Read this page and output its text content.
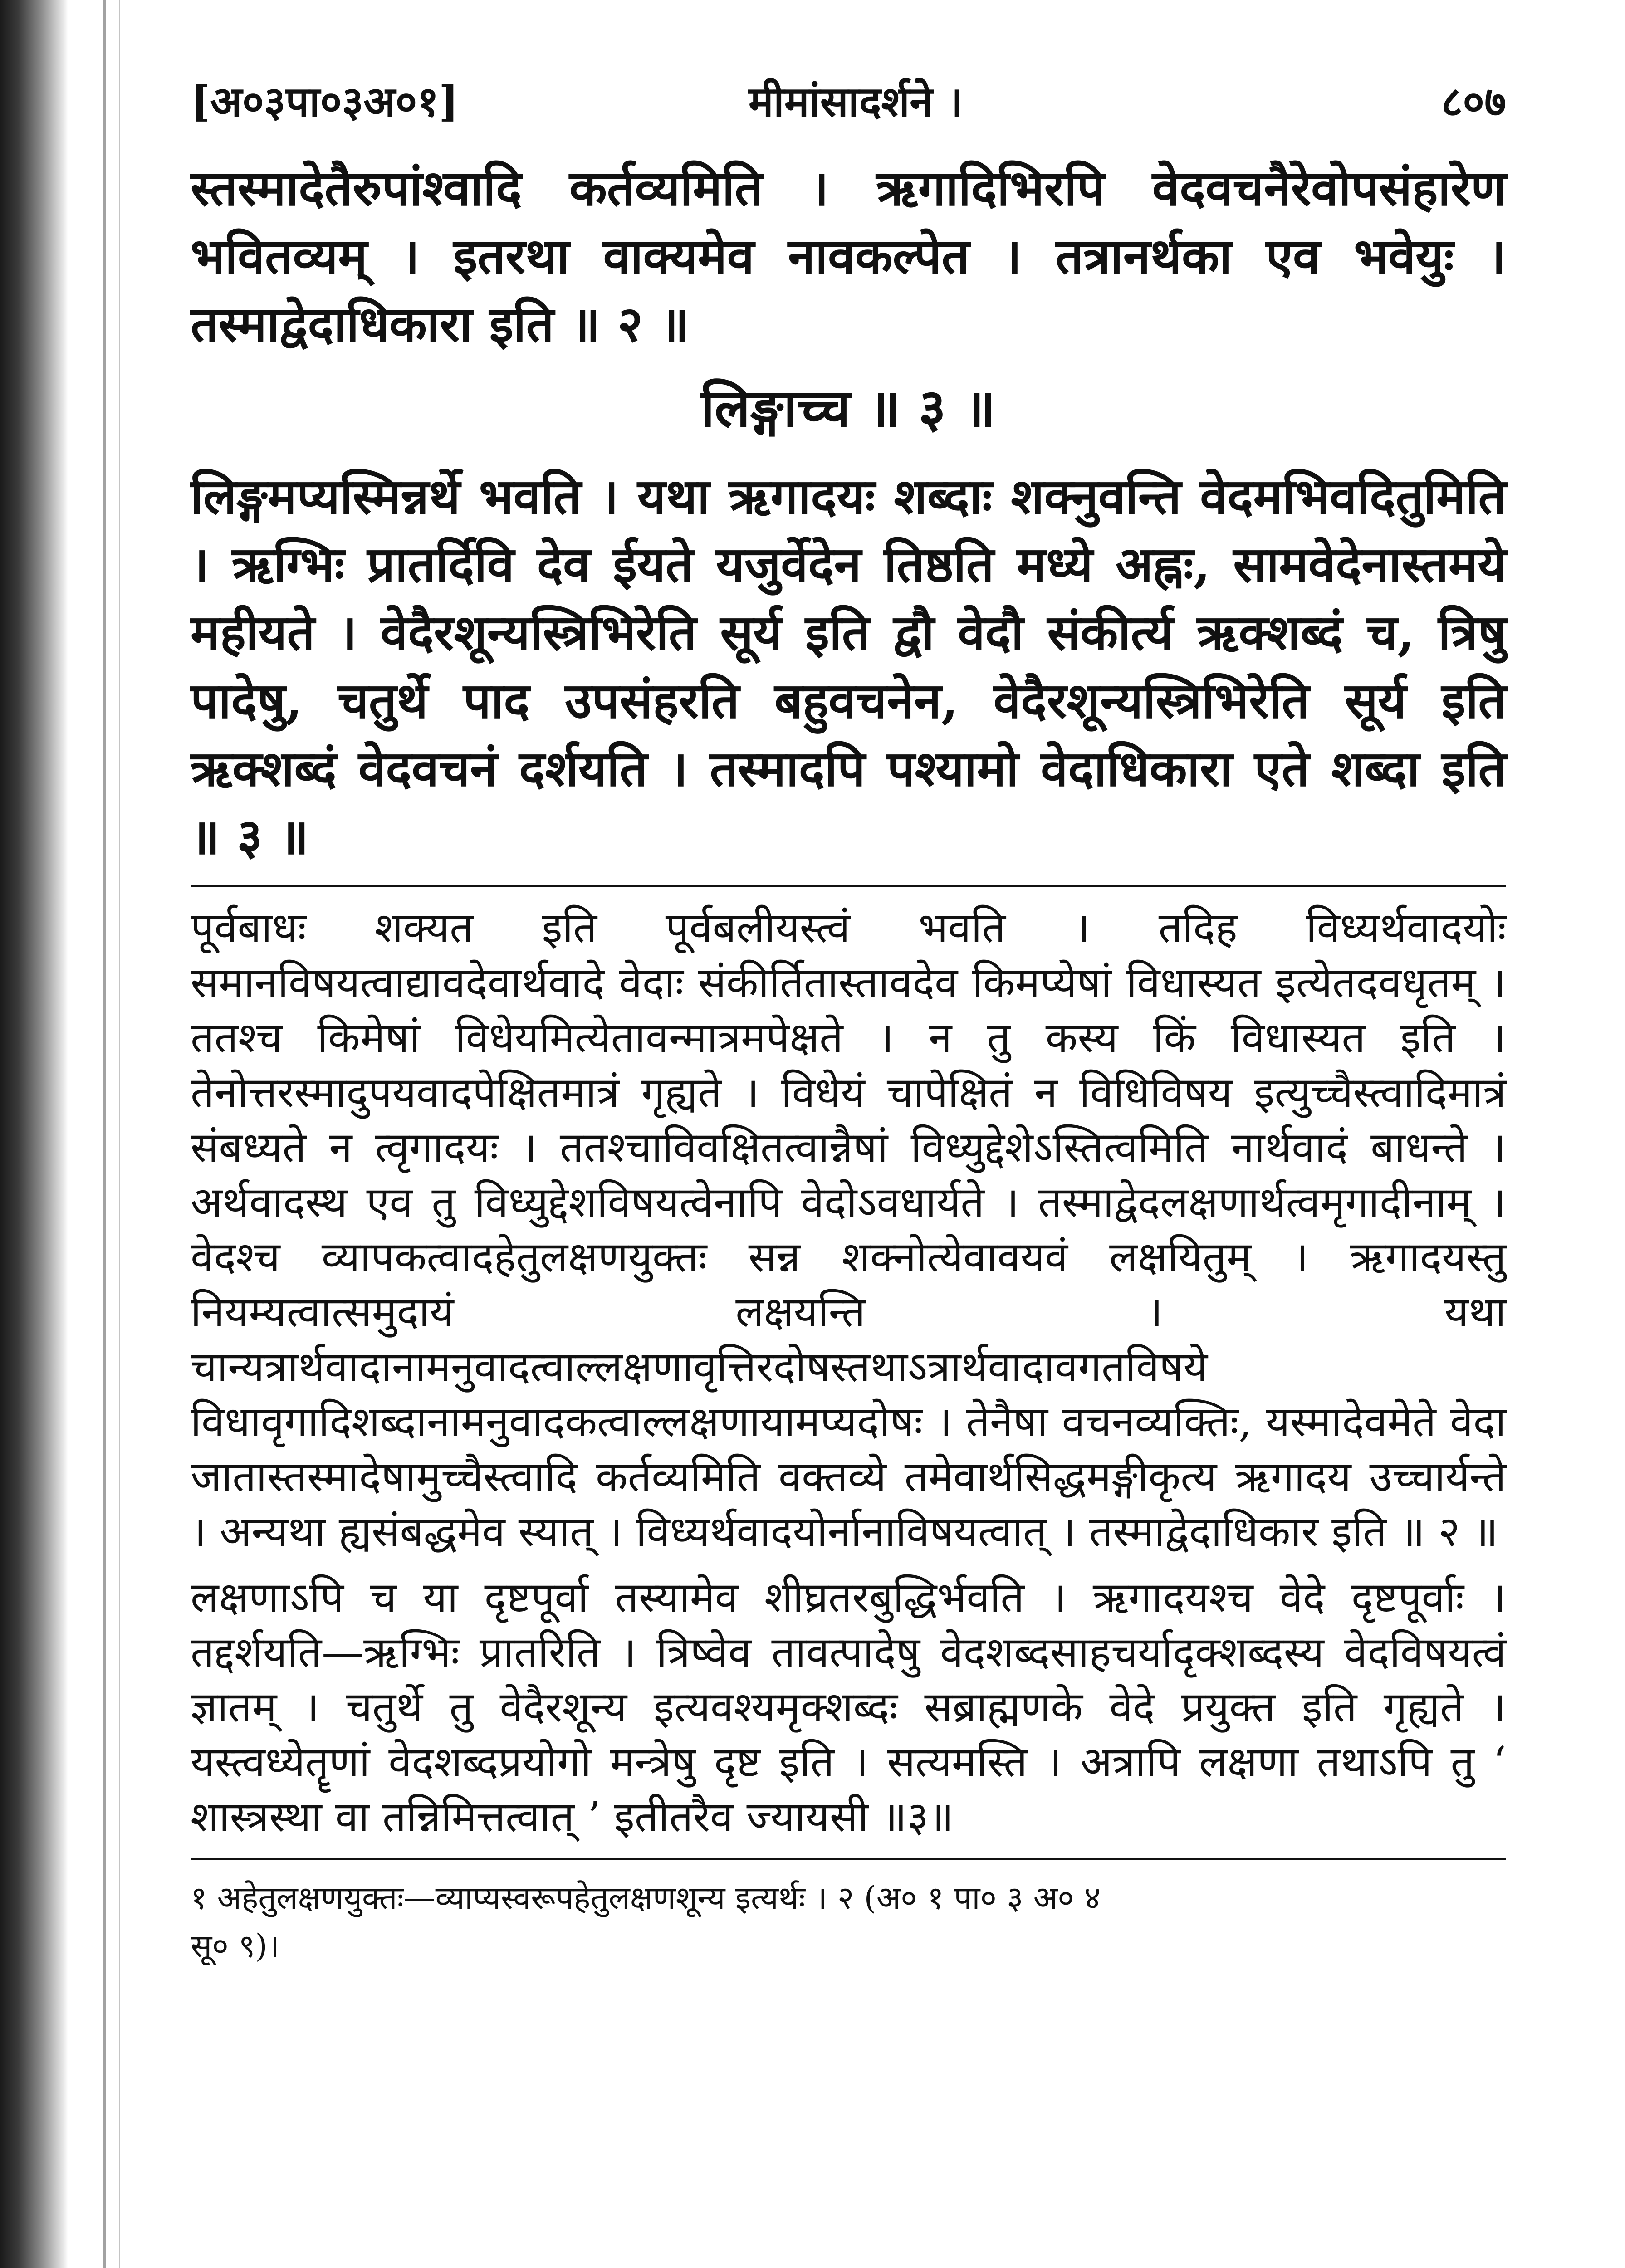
[अ०३पा०३अ०१]	मीमांसादर्शने ।	८०७
स्तस्मादेतैरुपांश्वादि कर्तव्यमिति । ऋगादिभिरपि वेदवचनैरेवोपसंहारेण भवितव्यम् । इतरथा वाक्यमेव नावकल्पेत । तत्रानर्थका एव भवेयुः । तस्माद्वेदाधिकारा इति ॥ २ ॥
लिङ्गाच्च ॥ ३ ॥
लिङ्गमप्यस्मिन्नर्थे भवति । यथा ऋगादयः शब्दाः शक्नुवन्ति वेदमभिवदितुमिति । ऋग्भिः प्रातर्दिवि देव ईयते यजुर्वेदेन तिष्ठति मध्ये अह्नः, सामवेदेनास्तमये महीयते । वेदैरशून्यस्त्रिभिरेति सूर्य इति द्वौ वेदौ संकीर्त्य ऋक्शब्दं च, त्रिषु पादेषु, चतुर्थे पाद उपसंहरति बहुवचनेन, वेदैरशून्यस्त्रिभिरेति सूर्य इति ऋक्शब्दं वेदवचनं दर्शयति । तस्मादपि पश्यामो वेदाधिकारा एते शब्दा इति ॥ ३ ॥

पूर्वबाधः शक्यत इति पूर्वबलीयस्त्वं भवति । तदिह विध्यर्थवादयोः समानविषयत्वाद्यावदेवार्थवादे वेदाः संकीर्तितास्तावदेव किमप्येषां विधास्यत इत्येतदवधृतम् । ततश्च किमेषां विधेयमित्येतावन्मात्रमपेक्षते । न तु कस्य किं विधास्यत इति । तेनोत्तरस्मादुपयवादपेक्षितमात्रं गृह्यते । विधेयं चापेक्षितं न विधिविषय इत्युच्चैस्त्वादिमात्रं संबध्यते न त्वृगादयः । ततश्चाविवक्षितत्वान्नैषां विध्युद्देशेऽस्तित्वमिति नार्थवादं बाधन्ते । अर्थवादस्थ एव तु विध्युद्देशविषयत्वेनापि वेदोऽवधार्यते । तस्माद्वेदलक्षणार्थत्वमृगादीनाम् । वेदश्च व्यापकत्वादहेतुलक्षणयुक्तः सन्न शक्नोत्येवावयवं लक्षयितुम् । ऋगादयस्तु नियम्यत्वात्समुदायं लक्षयन्ति । यथा चान्यत्रार्थवादानामनुवादत्वाल्लक्षणावृत्तिरदोषस्तथाऽत्रार्थवादावगतविषये विधावृगादिशब्दानामनुवादकत्वाल्लक्षणायामप्यदोषः । तेनैषा वचनव्यक्तिः, यस्मादेवमेते वेदा जातास्तस्मादेषामुच्चैस्त्वादि कर्तव्यमिति वक्तव्ये तमेवार्थसिद्धमङ्गीकृत्य ऋगादय उच्चार्यन्ते । अन्यथा ह्यसंबद्धमेव स्यात् । विध्यर्थवादयोर्नानाविषयत्वात् । तस्माद्वेदाधिकार इति ॥ २ ॥

लक्षणाऽपि च या दृष्टपूर्वा तस्यामेव शीघ्रतरबुद्धिर्भवति । ऋगादयश्च वेदे दृष्टपूर्वाः । तद्दर्शयति—ऋग्भिः प्रातरिति । त्रिष्वेव तावत्पादेषु वेदशब्दसाहचर्यादृक्शब्दस्य वेदविषयत्वं ज्ञातम् । चतुर्थे तु वेदैरशून्य इत्यवश्यमृक्शब्दः सब्राह्मणके वेदे प्रयुक्त इति गृह्यते । यस्त्वध्येतॄणां वेदशब्दप्रयोगो मन्त्रेषु दृष्ट इति । सत्यमस्ति । अत्रापि लक्षणा तथाऽपि तु ‘ शास्त्रस्था वा तन्निमित्तत्वात् ’ इतीतरैव ज्यायसी ॥३॥

१ अहेतुलक्षणयुक्तः—व्याप्यस्वरूपहेतुलक्षणशून्य इत्यर्थः । २ (अ० १ पा० ३ अ० ४

सू० ९)।
